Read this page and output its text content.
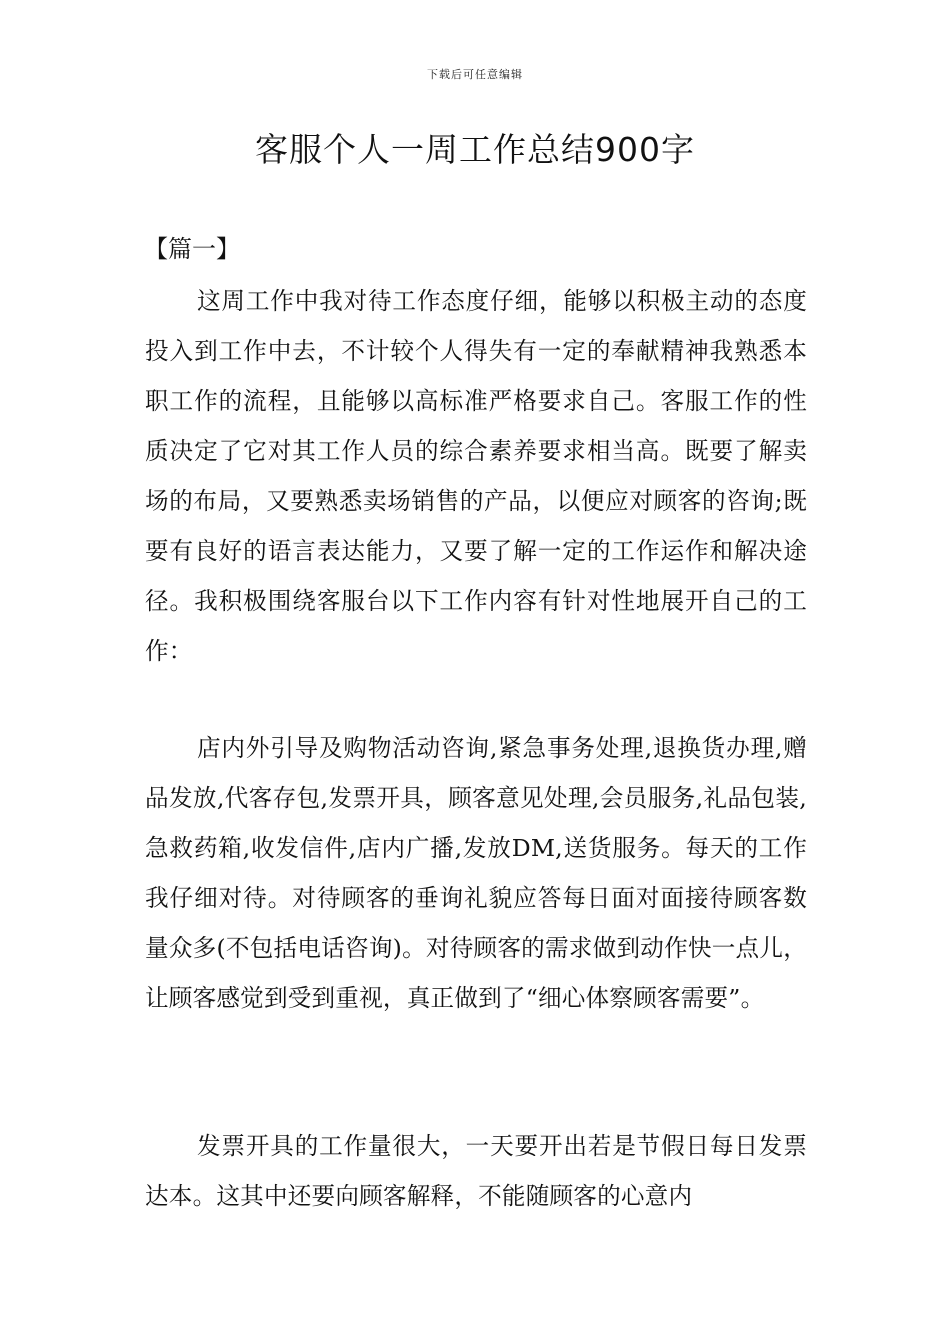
下载后可任意编辑
客服个人一周工作总结900字
【篇一】

这周工作中我对待工作态度仔细，能够以积极主动的态度投入到工作中去，不计较个人得失有一定的奉献精神我熟悉本职工作的流程，且能够以高标准严格要求自己。客服工作的性质决定了它对其工作人员的综合素养要求相当高。既要了解卖场的布局，又要熟悉卖场销售的产品，以便应对顾客的咨询;既要有良好的语言表达能力，又要了解一定的工作运作和解决途径。我积极围绕客服台以下工作内容有针对性地展开自己的工作：

店内外引导及购物活动咨询,紧急事务处理,退换货办理,赠品发放,代客存包,发票开具，顾客意见处理,会员服务,礼品包装,急救药箱,收发信件,店内广播,发放DM,送货服务。每天的工作我仔细对待。对待顾客的垂询礼貌应答每日面对面接待顾客数量众多(不包括电话咨询)。对待顾客的需求做到动作快一点儿，让顾客感觉到受到重视，真正做到了“细心体察顾客需要”。

发票开具的工作量很大，一天要开出若是节假日每日发票达本。这其中还要向顾客解释，不能随顾客的心意内
